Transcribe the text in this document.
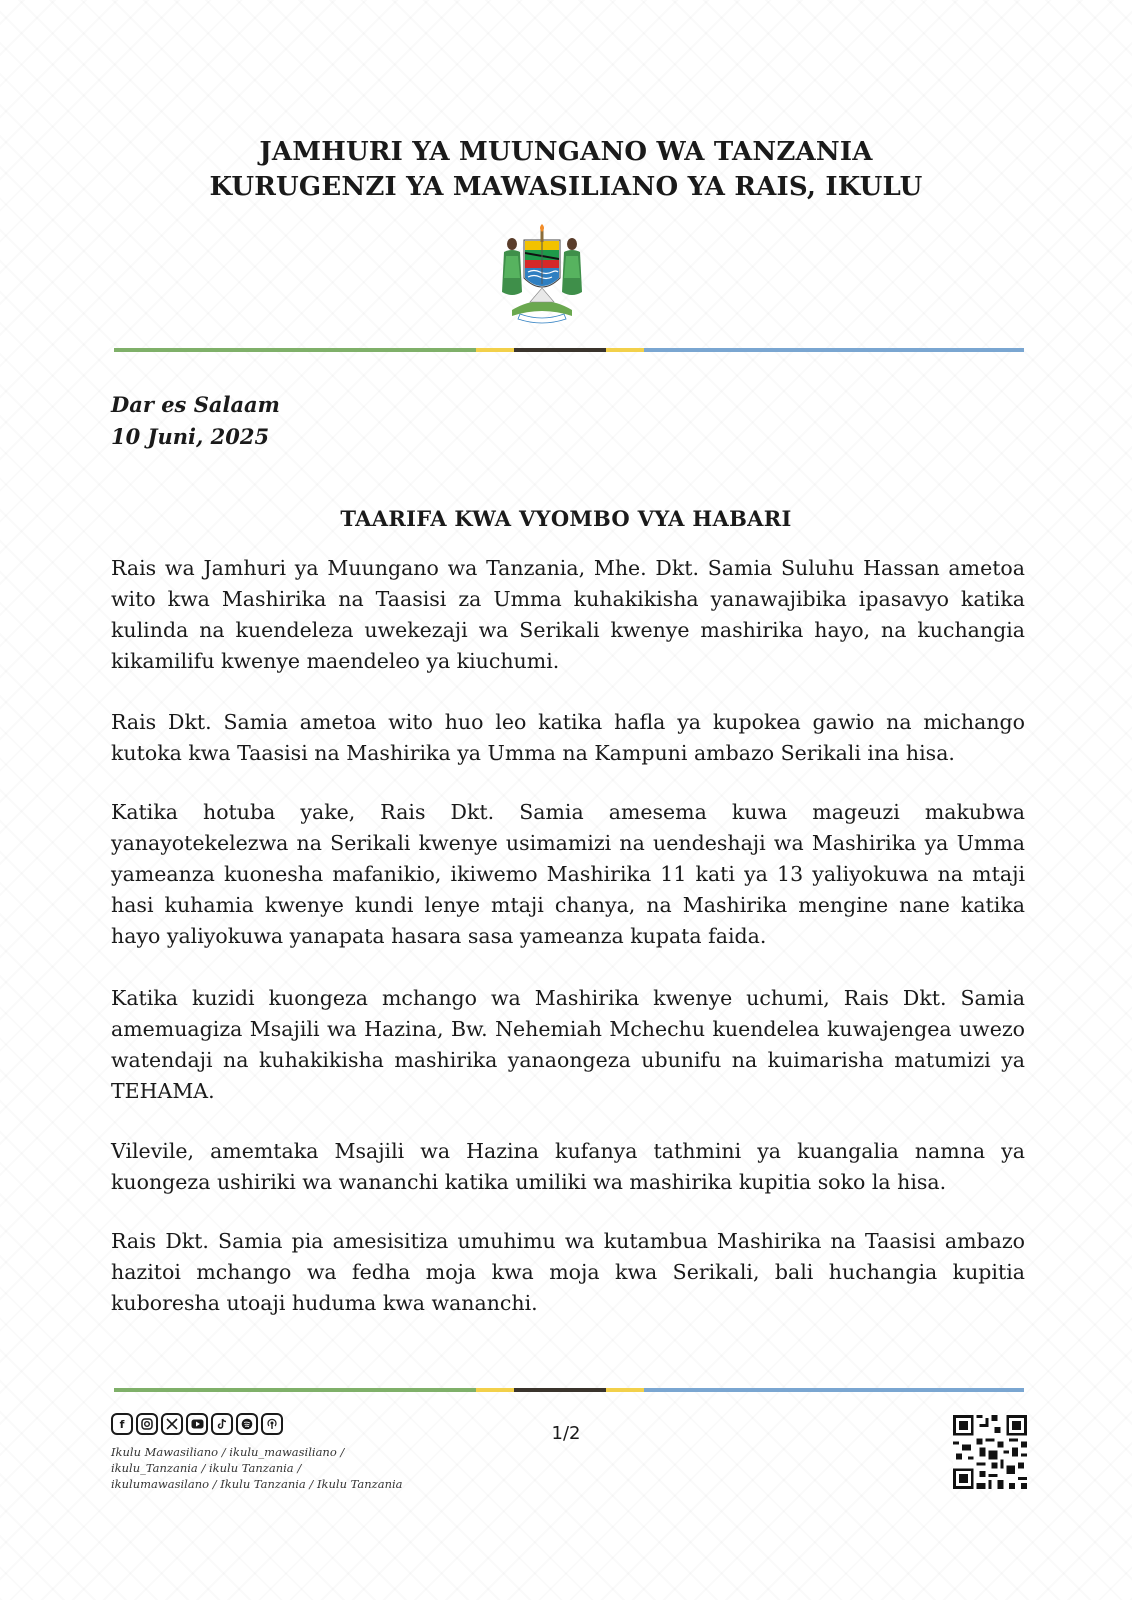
JAMHURI YA MUUNGANO WA TANZANIA
KURUGENZI YA MAWASILIANO YA RAIS, IKULU
Dar es Salaam
10 Juni, 2025
TAARIFA KWA VYOMBO VYA HABARI

Rais wa Jamhuri ya Muungano wa Tanzania, Mhe. Dkt. Samia Suluhu Hassan ametoa wito kwa Mashirika na Taasisi za Umma kuhakikisha yanawajibika ipasavyo katika kulinda na kuendeleza uwekezaji wa Serikali kwenye mashirika hayo, na kuchangia kikamilifu kwenye maendeleo ya kiuchumi.

Rais Dkt. Samia ametoa wito huo leo katika hafla ya kupokea gawio na michango kutoka kwa Taasisi na Mashirika ya Umma na Kampuni ambazo Serikali ina hisa.

Katika hotuba yake, Rais Dkt. Samia amesema kuwa mageuzi makubwa yanayotekelezwa na Serikali kwenye usimamizi na uendeshaji wa Mashirika ya Umma yameanza kuonesha mafanikio, ikiwemo Mashirika 11 kati ya 13 yaliyokuwa na mtaji hasi kuhamia kwenye kundi lenye mtaji chanya, na Mashirika mengine nane katika hayo yaliyokuwa yanapata hasara sasa yameanza kupata faida.

Katika kuzidi kuongeza mchango wa Mashirika kwenye uchumi, Rais Dkt. Samia amemuagiza Msajili wa Hazina, Bw. Nehemiah Mchechu kuendelea kuwajengea uwezo watendaji na kuhakikisha mashirika yanaongeza ubunifu na kuimarisha matumizi ya TEHAMA.

Vilevile, amemtaka Msajili wa Hazina kufanya tathmini ya kuangalia namna ya kuongeza ushiriki wa wananchi katika umiliki wa mashirika kupitia soko la hisa.

Rais Dkt. Samia pia amesisitiza umuhimu wa kutambua Mashirika na Taasisi ambazo hazitoi mchango wa fedha moja kwa moja kwa Serikali, bali huchangia kupitia kuboresha utoaji huduma kwa wananchi.

f
Ikulu Mawasiliano / ikulu_mawasiliano /
ikulu_Tanzania / ikulu Tanzania /
ikulumawasilano / Ikulu Tanzania / Ikulu Tanzania
1/2
